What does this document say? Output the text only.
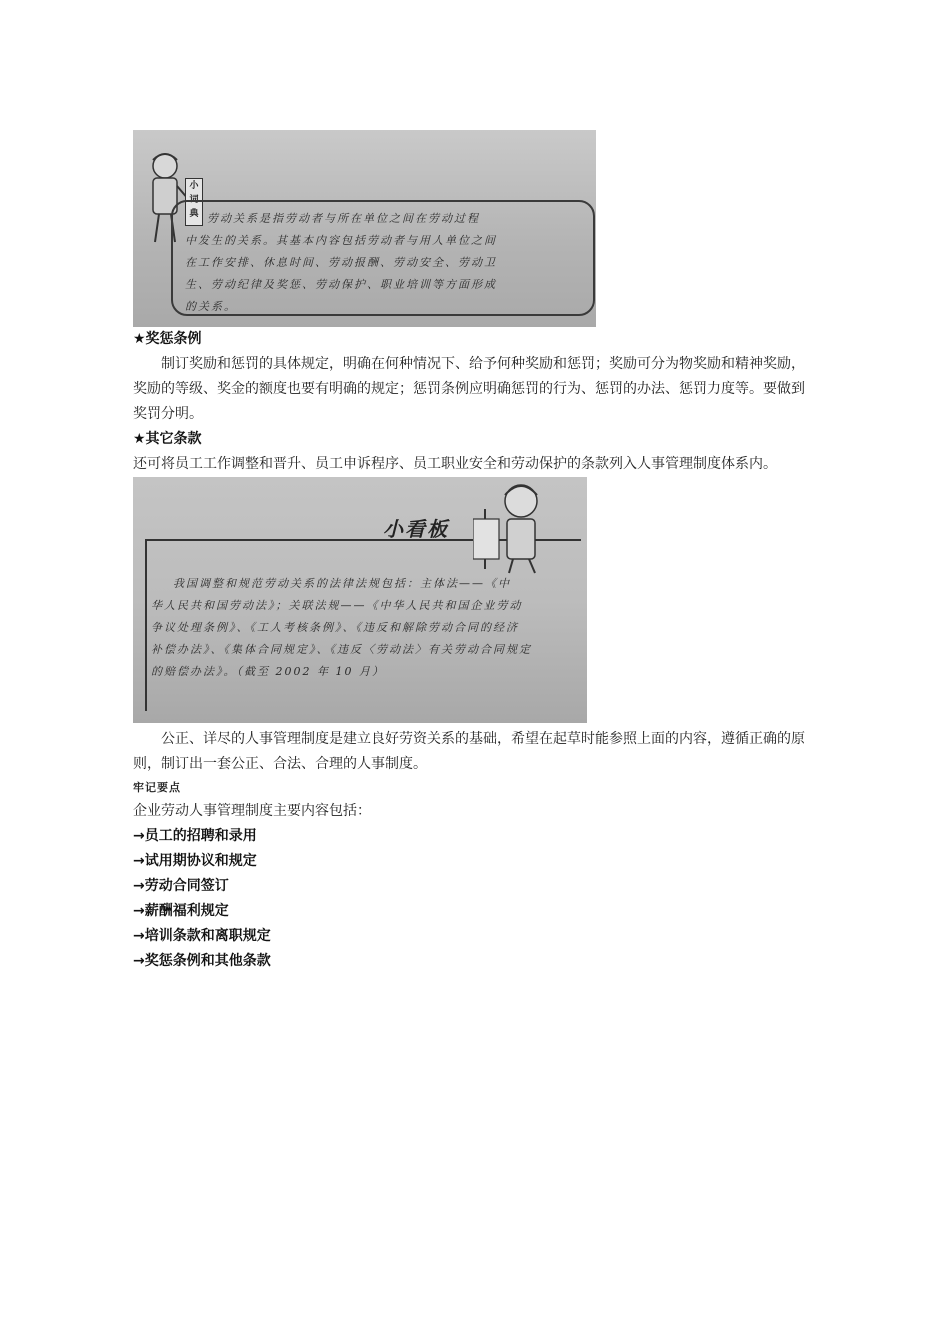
小词典 劳动关系是指劳动者与所在单位之间在劳动过程
中发生的关系。其基本内容包括劳动者与用人单位之间
在工作安排、休息时间、劳动报酬、劳动安全、劳动卫
生、劳动纪律及奖惩、劳动保护、职业培训等方面形成
的关系。
★奖惩条例
制订奖励和惩罚的具体规定，明确在何种情况下、给予何种奖励和惩罚；奖励可分为物奖励和精神奖励，奖励的等级、奖金的额度也要有明确的规定；惩罚条例应明确惩罚的行为、惩罚的办法、惩罚力度等。要做到奖罚分明。
★其它条款
还可将员工工作调整和晋升、员工申诉程序、员工职业安全和劳动保护的条款列入人事管理制度体系内。
小看板
我国调整和规范劳动关系的法律法规包括：主体法——《中
华人民共和国劳动法》；关联法规——《中华人民共和国企业劳动
争议处理条例》、《工人考核条例》、《违反和解除劳动合同的经济
补偿办法》、《集体合同规定》、《违反〈劳动法〉有关劳动合同规定
的赔偿办法》。（截至 2002 年 10 月）
公正、详尽的人事管理制度是建立良好劳资关系的基础，希望在起草时能参照上面的内容，遵循正确的原则，制订出一套公正、合法、合理的人事制度。
牢记要点
企业劳动人事管理制度主要内容包括：
→员工的招聘和录用
→试用期协议和规定
→劳动合同签订
→薪酬福利规定
→培训条款和离职规定
→奖惩条例和其他条款
